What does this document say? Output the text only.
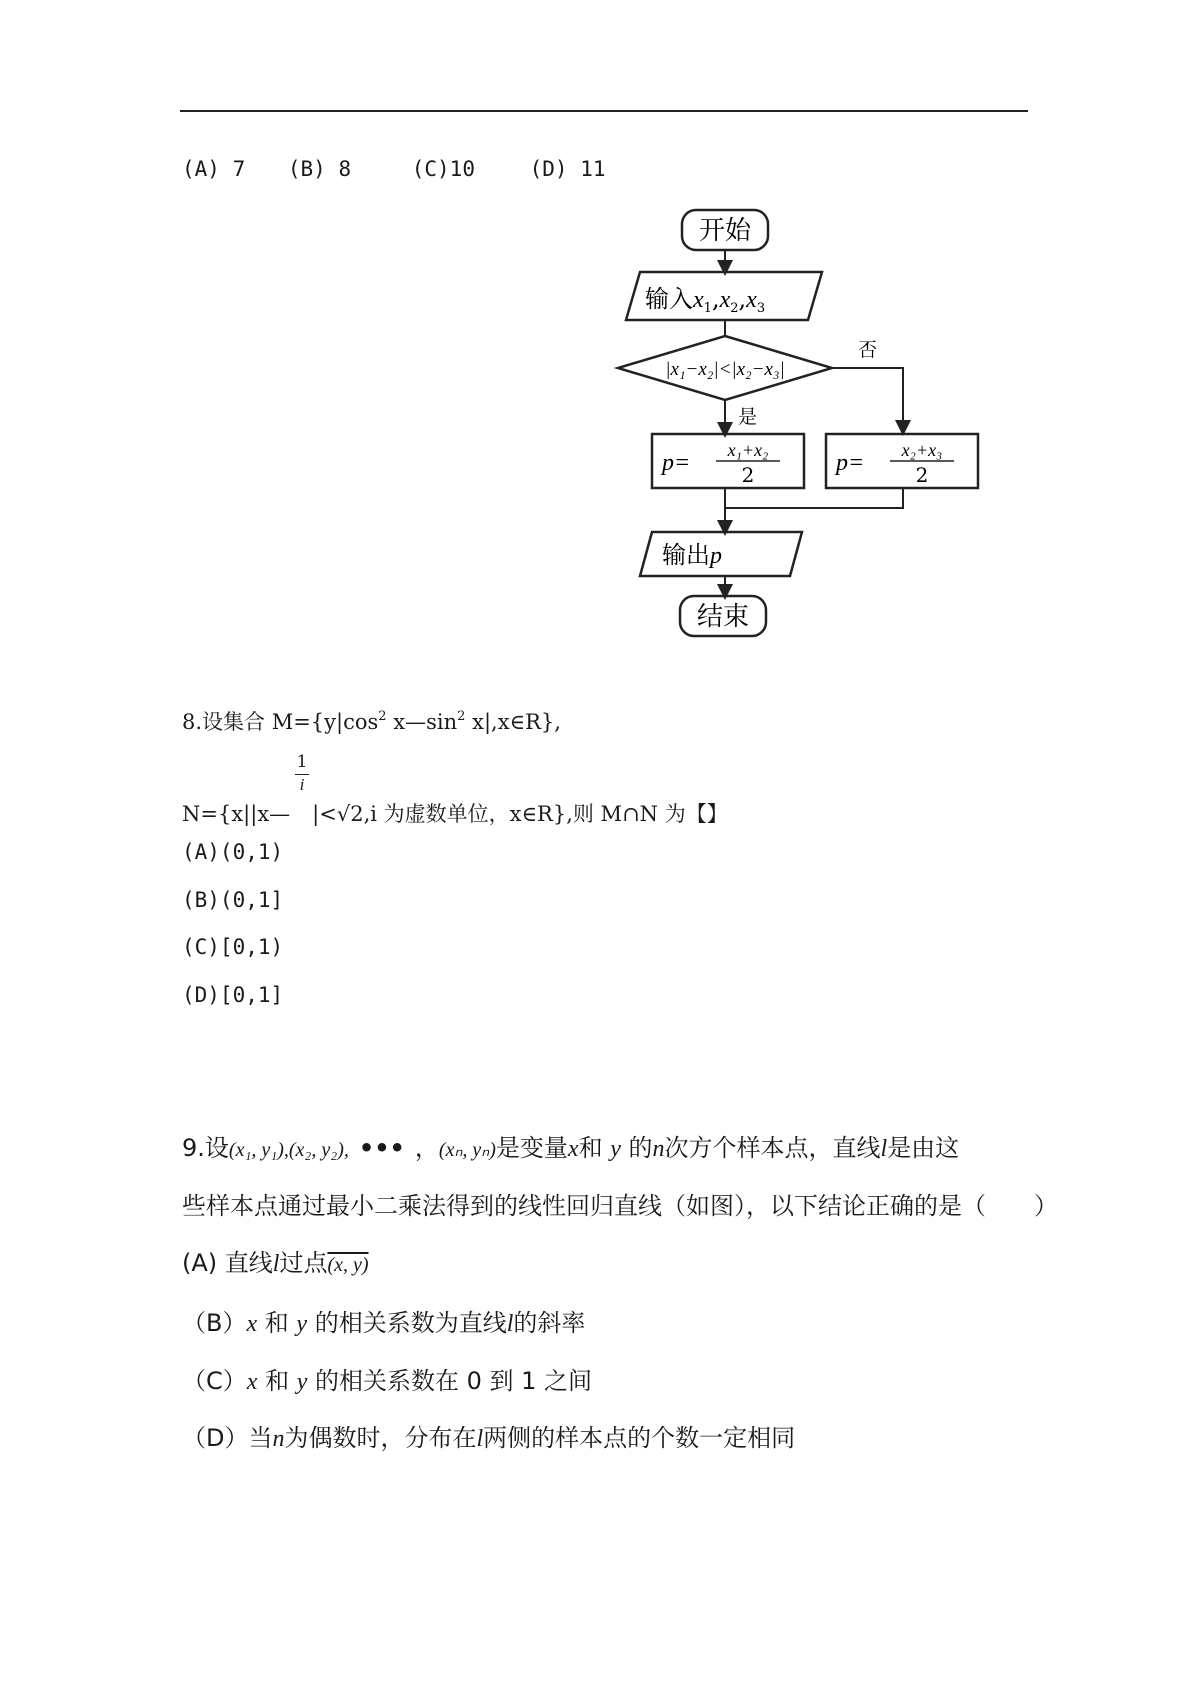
(A) 7 (B) 8	(C)10	(D) 11
开始
输入$x_1,x_2,x_3$
|x₁−x₂|<|x₂−x₃|
否
是
p= x₁+x₂
2	p= x₂+x₃
2
输出p
结束
8.设集合 $M=\{y|\cos^2$ $x—\sin^2$ x|,x∈R},
1
i
N={x||x— |<√2,i 为虚数单位，x∈R},则 M∩N 为【】
(A)(0,1)
(B)(0,1]
(C)[0,1)
(D)[0,1]
9.设(x₁, y₁),(x₂, y₂), ••• ，(xₙ, yₙ)是变量x和 y 的n次方个样本点，直线l是由这
些样本点通过最小二乘法得到的线性回归直线（如图），以下结论正确的是（　　）
(A) 直线l过点(x, y)
（B）x 和 y 的相关系数为直线l的斜率
（C）x 和 y 的相关系数在 0 到 1 之间
（D）当n为偶数时，分布在l两侧的样本点的个数一定相同
